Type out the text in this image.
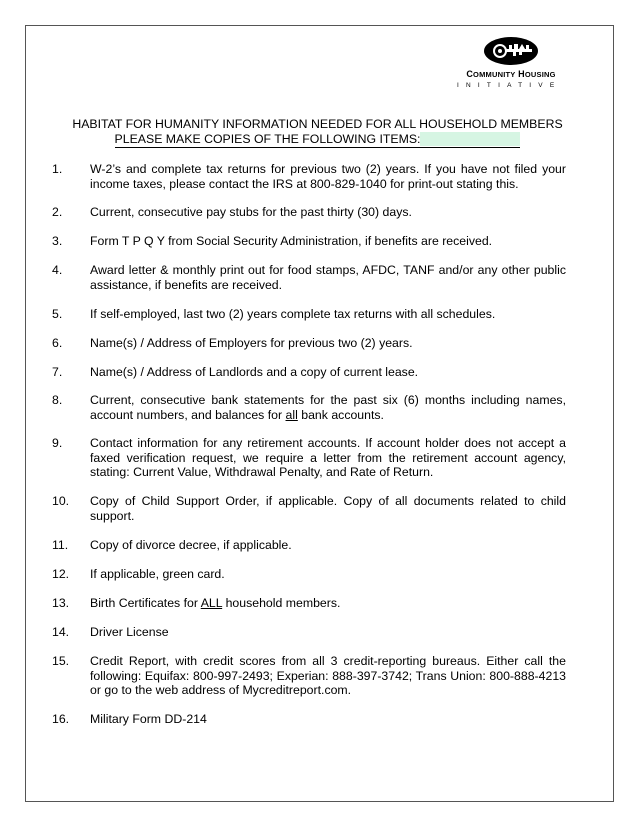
COMMUNITY HOUSING
INITIATIVE
HABITAT FOR HUMANITY INFORMATION NEEDED FOR ALL HOUSEHOLD MEMBERS
PLEASE MAKE COPIES OF THE FOLLOWING ITEMS:
1.	W-2’s and complete tax returns for previous two (2) years. If you have not filed your income taxes, please contact the IRS at 800-829-1040 for print-out stating this.
2.	Current, consecutive pay stubs for the past thirty (30) days.
3.	Form T P Q Y from Social Security Administration, if benefits are received.
4.	Award letter & monthly print out for food stamps, AFDC, TANF and/or any other public assistance, if benefits are received.
5.	If self-employed, last two (2) years complete tax returns with all schedules.
6.	Name(s) / Address of Employers for previous two (2) years.
7.	Name(s) / Address of Landlords and a copy of current lease.
8.	Current, consecutive bank statements for the past six (6) months including names, account numbers, and balances for all bank accounts.
9.	Contact information for any retirement accounts. If account holder does not accept a faxed verification request, we require a letter from the retirement account agency, stating: Current Value, Withdrawal Penalty, and Rate of Return.
10.	Copy of Child Support Order, if applicable. Copy of all documents related to child support.
11.	Copy of divorce decree, if applicable.
12.	If applicable, green card.
13.	Birth Certificates for ALL household members.
14.	Driver License
15.	Credit Report, with credit scores from all 3 credit-reporting bureaus. Either call the following: Equifax: 800-997-2493; Experian: 888-397-3742; Trans Union: 800-888-4213 or go to the web address of Mycreditreport.com.
16.	Military Form DD-214
